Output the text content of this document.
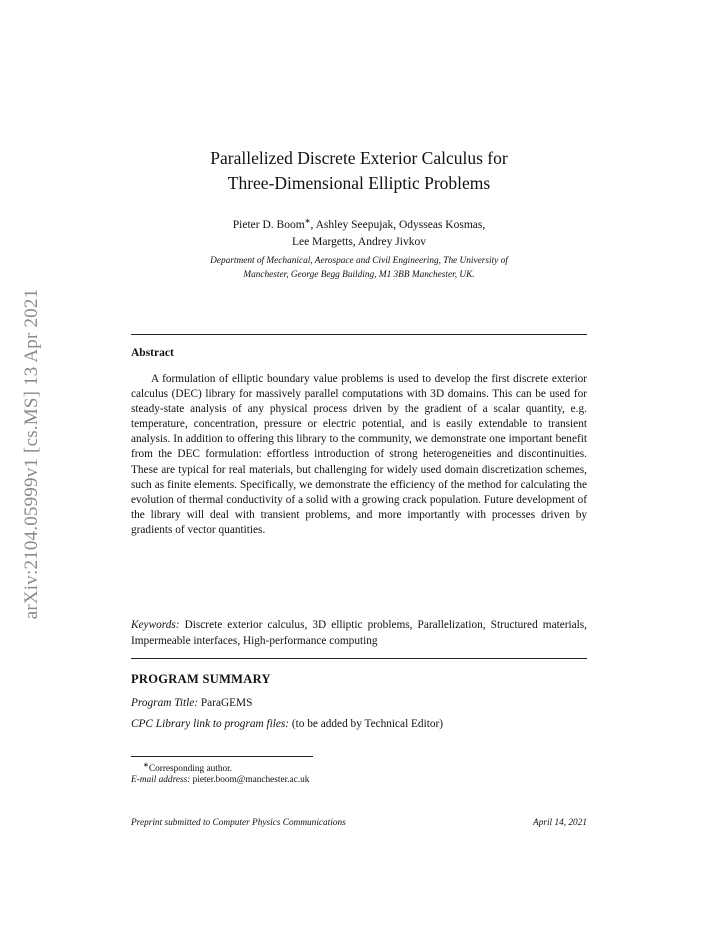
arXiv:2104.05999v1 [cs.MS] 13 Apr 2021
Parallelized Discrete Exterior Calculus for
Three-Dimensional Elliptic Problems
Pieter D. Boom∗, Ashley Seepujak, Odysseas Kosmas,
Lee Margetts, Andrey Jivkov
Department of Mechanical, Aerospace and Civil Engineering, The University of
Manchester, George Begg Building, M1 3BB Manchester, UK.
Abstract
A formulation of elliptic boundary value problems is used to develop the first discrete exterior calculus (DEC) library for massively parallel computations with 3D domains. This can be used for steady-state analysis of any physical process driven by the gradient of a scalar quantity, e.g. temperature, concentration, pressure or electric potential, and is easily extendable to transient analysis. In addition to offering this library to the community, we demonstrate one important benefit from the DEC formulation: effortless introduction of strong heterogeneities and discontinuities. These are typical for real materials, but challenging for widely used domain discretization schemes, such as finite elements. Specifically, we demonstrate the efficiency of the method for calculating the evolution of thermal conductivity of a solid with a growing crack population. Future development of the library will deal with transient problems, and more importantly with processes driven by gradients of vector quantities.
Keywords: Discrete exterior calculus, 3D elliptic problems, Parallelization, Structured materials, Impermeable interfaces, High-performance computing
PROGRAM SUMMARY
Program Title: ParaGEMS
CPC Library link to program files: (to be added by Technical Editor)
∗Corresponding author.
E-mail address: pieter.boom@manchester.ac.uk
Preprint submitted to Computer Physics Communications	April 14, 2021
